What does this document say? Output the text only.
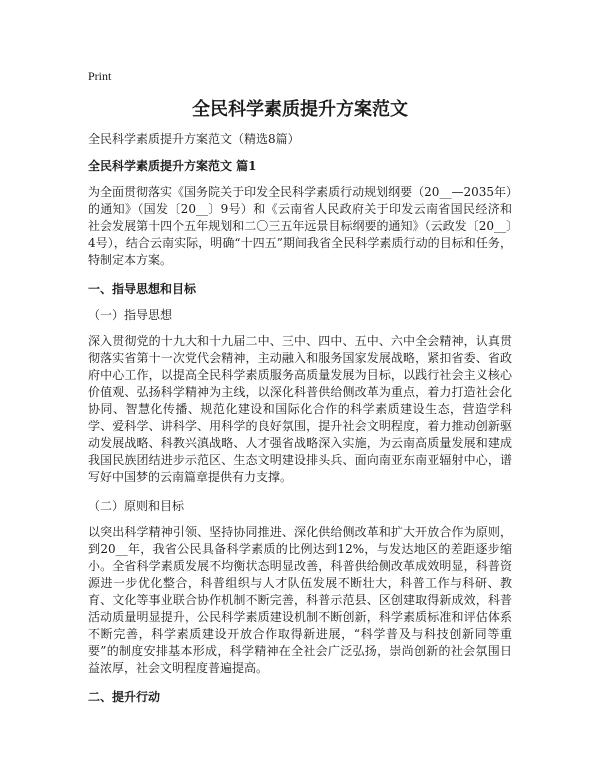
Print
全民科学素质提升方案范文

全民科学素质提升方案范文（精选8篇）

全民科学素质提升方案范文 篇1

为全面贯彻落实《国务院关于印发全民科学素质行动规划纲要（20__—2035年）的通知》（国发〔20__〕9号）和《云南省人民政府关于印发云南省国民经济和社会发展第十四个五年规划和二〇三五年远景目标纲要的通知》（云政发〔20__〕4号），结合云南实际，明确“十四五”期间我省全民科学素质行动的目标和任务，特制定本方案。

一、指导思想和目标

（一）指导思想

深入贯彻党的十九大和十九届二中、三中、四中、五中、六中全会精神，认真贯彻落实省第十一次党代会精神，主动融入和服务国家发展战略，紧扣省委、省政府中心工作，以提高全民科学素质服务高质量发展为目标，以践行社会主义核心价值观、弘扬科学精神为主线，以深化科普供给侧改革为重点，着力打造社会化协同、智慧化传播、规范化建设和国际化合作的科学素质建设生态，营造学科学、爱科学、讲科学、用科学的良好氛围，提升社会文明程度，着力推动创新驱动发展战略、科教兴滇战略、人才强省战略深入实施，为云南高质量发展和建成我国民族团结进步示范区、生态文明建设排头兵、面向南亚东南亚辐射中心，谱写好中国梦的云南篇章提供有力支撑。

（二）原则和目标

以突出科学精神引领、坚持协同推进、深化供给侧改革和扩大开放合作为原则，到20__年，我省公民具备科学素质的比例达到12%，与发达地区的差距逐步缩小。全省科学素质发展不均衡状态明显改善，科普供给侧改革成效明显，科普资源进一步优化整合，科普组织与人才队伍发展不断壮大，科普工作与科研、教育、文化等事业联合协作机制不断完善，科普示范县、区创建取得新成效，科普活动质量明显提升，公民科学素质建设机制不断创新，科学素质标准和评估体系不断完善，科学素质建设开放合作取得新进展，“科学普及与科技创新同等重要”的制度安排基本形成，科学精神在全社会广泛弘扬，崇尚创新的社会氛围日益浓厚，社会文明程度普遍提高。

二、提升行动
